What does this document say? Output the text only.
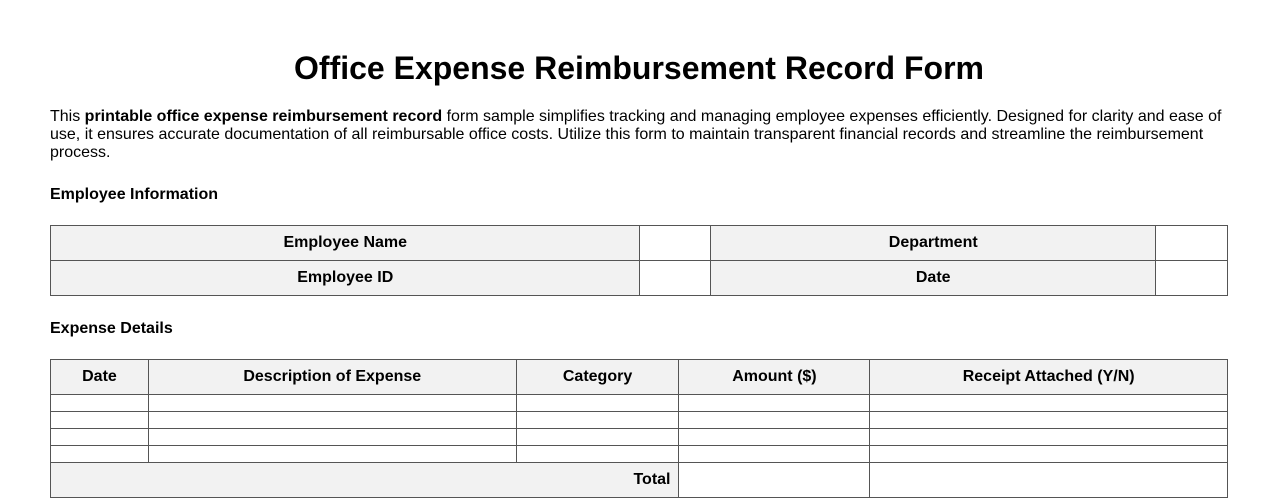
Office Expense Reimbursement Record Form
This printable office expense reimbursement record form sample simplifies tracking and managing employee expenses efficiently. Designed for clarity and ease of use, it ensures accurate documentation of all reimbursable office costs. Utilize this form to maintain transparent financial records and streamline the reimbursement process.
Employee Information
Employee Name		Department	
Employee ID		Date	
Expense Details
Date	Description of Expense	Category	Amount ($)	Receipt Attached (Y/N)

Total				
